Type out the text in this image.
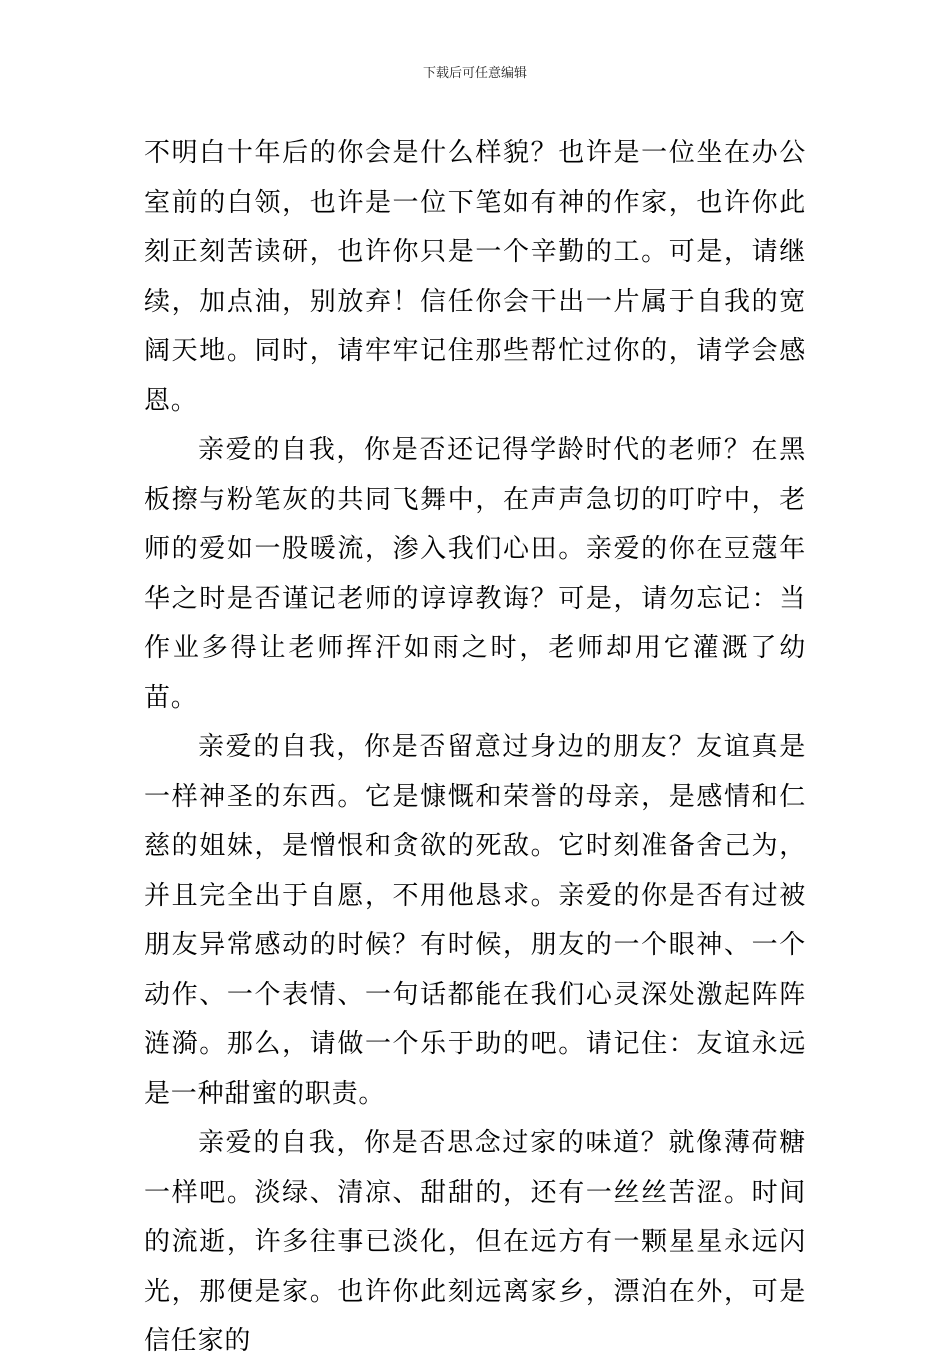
下载后可任意编辑

不明白十年后的你会是什么样貌？也许是一位坐在办公室前的白领，也许是一位下笔如有神的作家，也许你此刻正刻苦读研，也许你只是一个辛勤的工。可是，请继续，加点油，别放弃！信任你会干出一片属于自我的宽阔天地。同时，请牢牢记住那些帮忙过你的，请学会感恩。

亲爱的自我，你是否还记得学龄时代的老师？在黑板擦与粉笔灰的共同飞舞中，在声声急切的叮咛中，老师的爱如一股暖流，渗入我们心田。亲爱的你在豆蔻年华之时是否谨记老师的谆谆教诲？可是，请勿忘记：当作业多得让老师挥汗如雨之时，老师却用它灌溉了幼苗。

亲爱的自我，你是否留意过身边的朋友？友谊真是一样神圣的东西。它是慷慨和荣誉的母亲，是感情和仁慈的姐妹，是憎恨和贪欲的死敌。它时刻准备舍己为，并且完全出于自愿，不用他恳求。亲爱的你是否有过被朋友异常感动的时候？有时候，朋友的一个眼神、一个动作、一个表情、一句话都能在我们心灵深处激起阵阵涟漪。那么，请做一个乐于助的吧。请记住：友谊永远是一种甜蜜的职责。

亲爱的自我，你是否思念过家的味道？就像薄荷糖一样吧。淡绿、清凉、甜甜的，还有一丝丝苦涩。时间的流逝，许多往事已淡化，但在远方有一颗星星永远闪光，那便是家。也许你此刻远离家乡，漂泊在外，可是信任家的
